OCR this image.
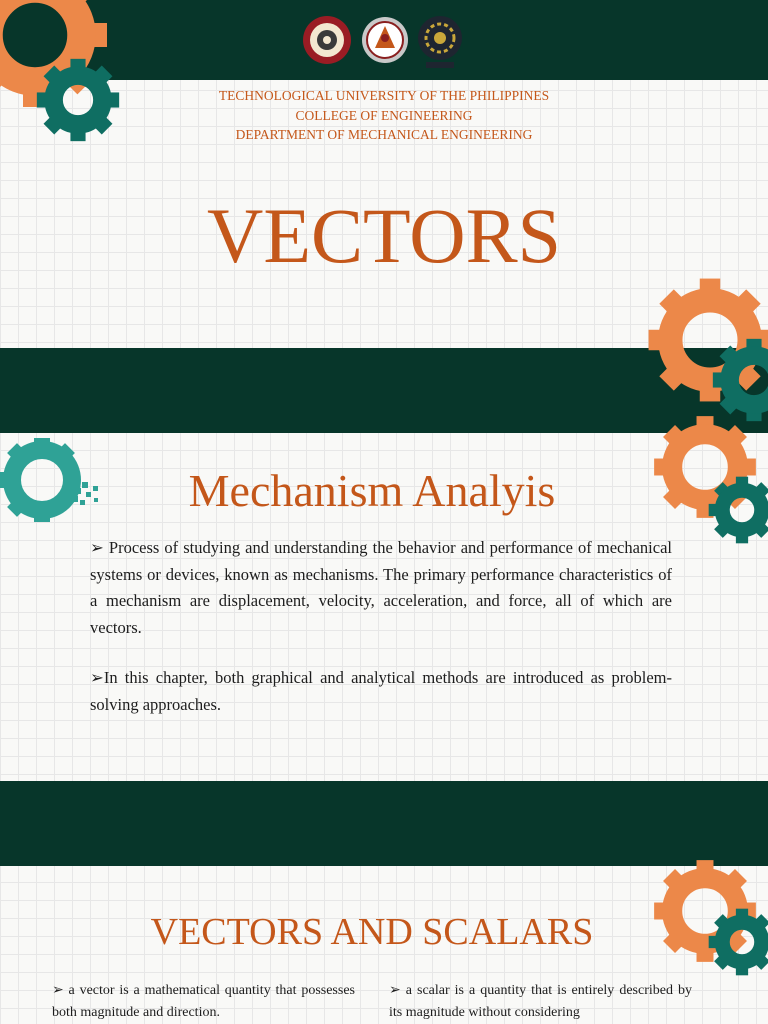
TECHNOLOGICAL UNIVERSITY OF THE PHILIPPINES
COLLEGE OF ENGINEERING
DEPARTMENT OF MECHANICAL ENGINEERING
VECTORS
Mechanism Analyis

➢ Process of studying and understanding the behavior and performance of mechanical systems or devices, known as mechanisms. The primary performance characteristics of a mechanism are displacement, velocity, acceleration, and force, all of which are vectors.

➢In this chapter, both graphical and analytical methods are introduced as problem-solving approaches.

VECTORS AND SCALARS

➢ a vector is a mathematical quantity that possesses both magnitude and direction.

➢ a scalar is a quantity that is entirely described by its magnitude without considering
